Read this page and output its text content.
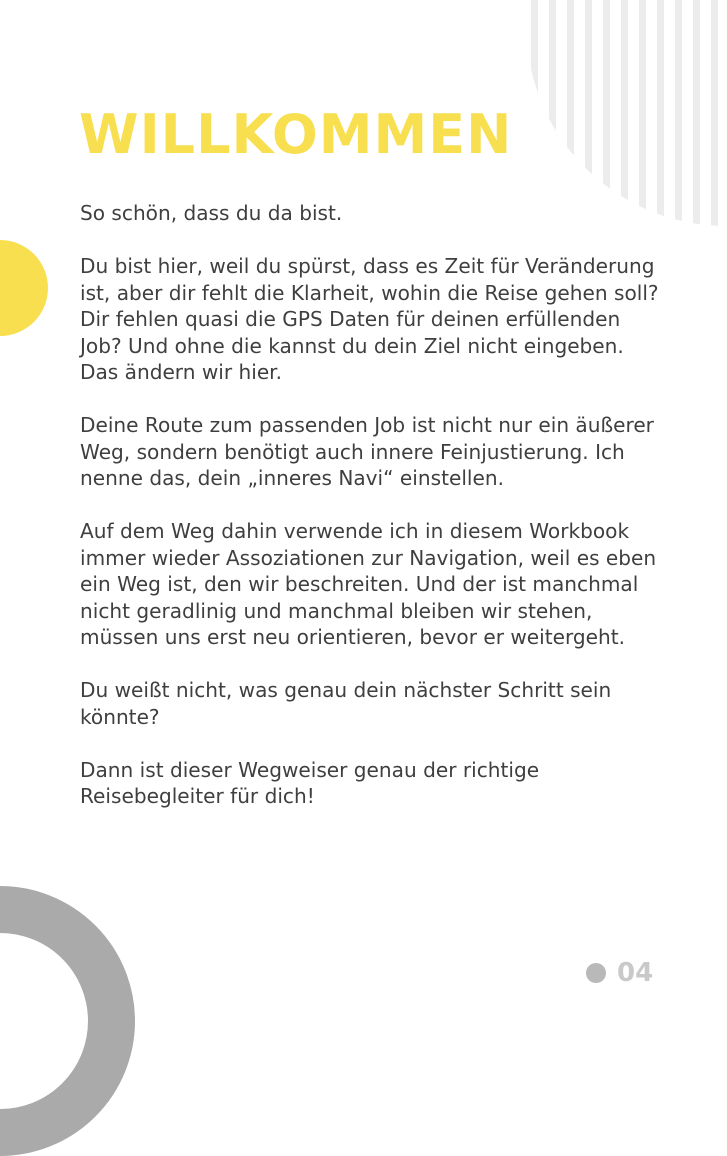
WILLKOMMEN

So schön, dass du da bist.

Du bist hier, weil du spürst, dass es Zeit für Veränderung ist, aber dir fehlt die Klarheit, wohin die Reise gehen soll? Dir fehlen quasi die GPS Daten für deinen erfüllenden Job? Und ohne die kannst du dein Ziel nicht eingeben. Das ändern wir hier.

Deine Route zum passenden Job ist nicht nur ein äußerer Weg, sondern benötigt auch innere Feinjustierung. Ich nenne das, dein „inneres Navi“ einstellen.

Auf dem Weg dahin verwende ich in diesem Workbook immer wieder Assoziationen zur Navigation, weil es eben ein Weg ist, den wir beschreiten. Und der ist manchmal nicht geradlinig und manchmal bleiben wir stehen, müssen uns erst neu orientieren, bevor er weitergeht.

Du weißt nicht, was genau dein nächster Schritt sein könnte?

Dann ist dieser Wegweiser genau der richtige Reisebegleiter für dich!

04
